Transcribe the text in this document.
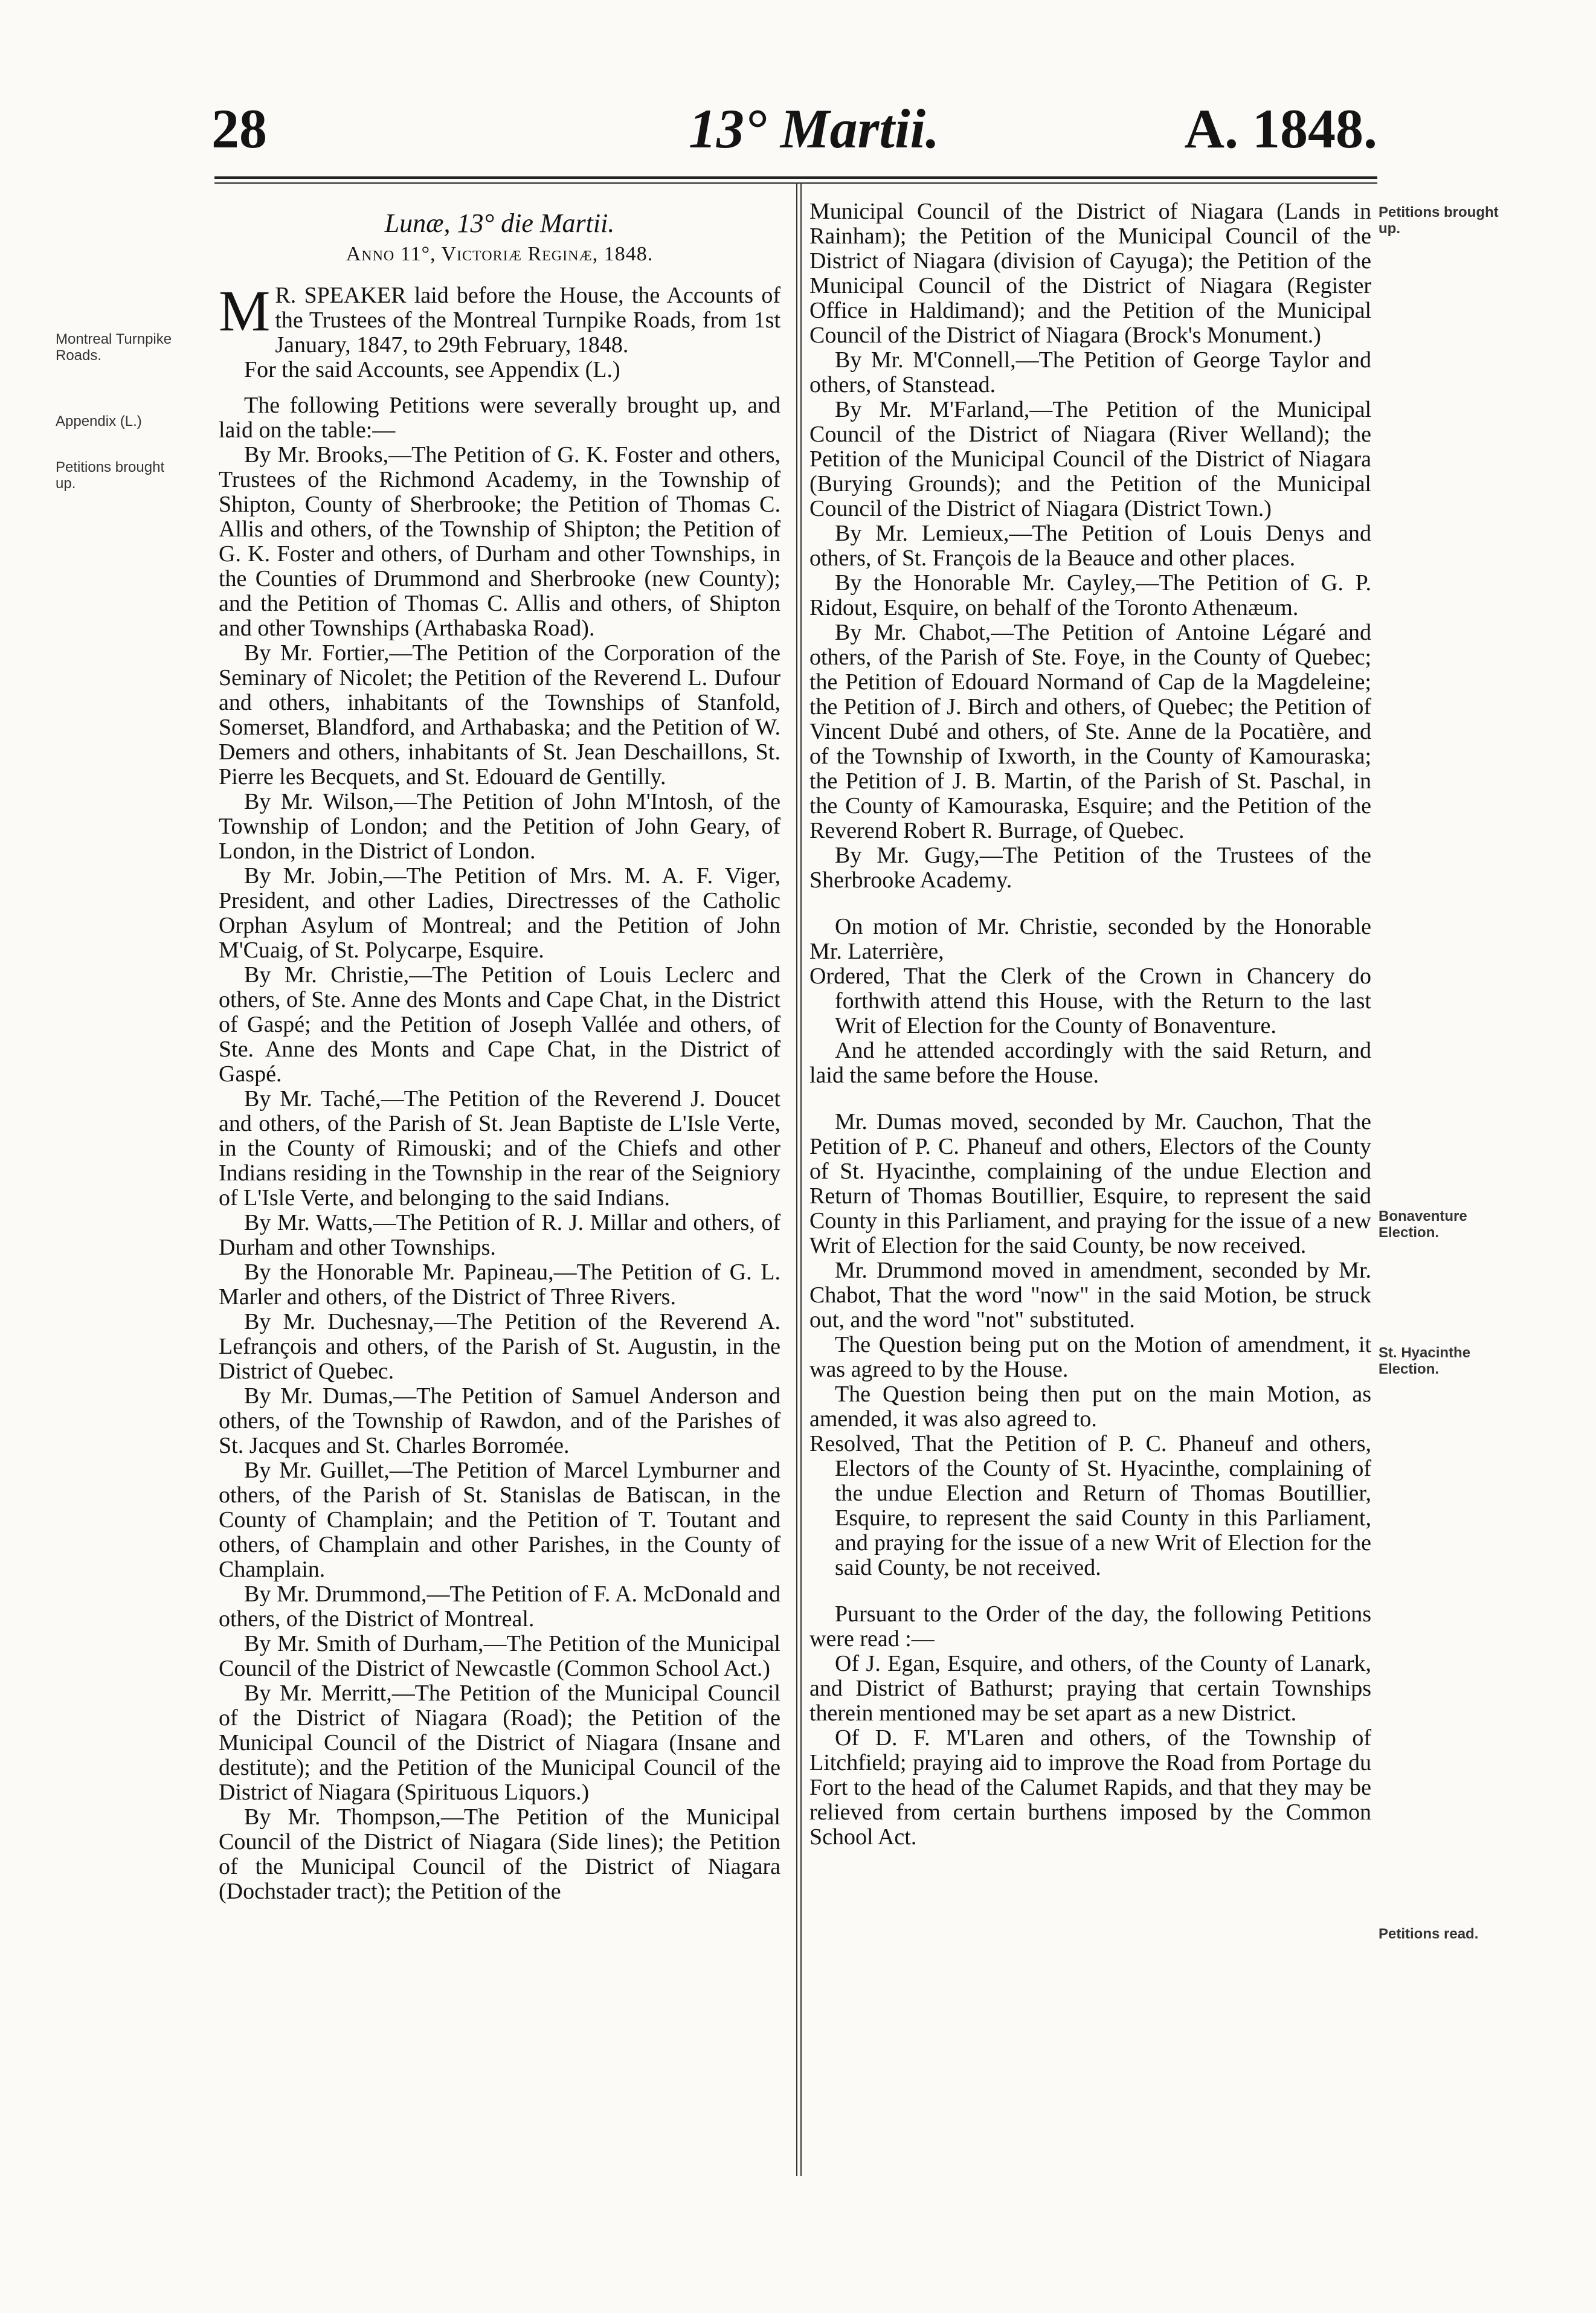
28	13° Martii.	A. 1848.
Montreal Turnpike Roads.
Appendix (L.)
Petitions brought up.
Petitions brought up.
Bonaventure Election.
St. Hyacinthe Election.
Petitions read.

Lunæ, 13° die Martii.

Anno 11°, Victoriæ Reginæ, 1848.

M R. SPEAKER laid before the House, the Accounts of the Trustees of the Montreal Turnpike Roads, from 1st January, 1847, to 29th February, 1848.

For the said Accounts, see Appendix (L.)

The following Petitions were severally brought up, and laid on the table:—

By Mr. Brooks,—The Petition of G. K. Foster and others, Trustees of the Richmond Academy, in the Township of Shipton, County of Sherbrooke; the Petition of Thomas C. Allis and others, of the Township of Shipton; the Petition of G. K. Foster and others, of Durham and other Townships, in the Counties of Drummond and Sherbrooke (new County); and the Petition of Thomas C. Allis and others, of Shipton and other Townships (Arthabaska Road).

By Mr. Fortier,—The Petition of the Corporation of the Seminary of Nicolet; the Petition of the Reverend L. Dufour and others, inhabitants of the Townships of Stanfold, Somerset, Blandford, and Arthabaska; and the Petition of W. Demers and others, inhabitants of St. Jean Deschaillons, St. Pierre les Becquets, and St. Edouard de Gentilly.

By Mr. Wilson,—The Petition of John M'Intosh, of the Township of London; and the Petition of John Geary, of London, in the District of London.

By Mr. Jobin,—The Petition of Mrs. M. A. F. Viger, President, and other Ladies, Directresses of the Catholic Orphan Asylum of Montreal; and the Petition of John M'Cuaig, of St. Polycarpe, Esquire.

By Mr. Christie,—The Petition of Louis Leclerc and others, of Ste. Anne des Monts and Cape Chat, in the District of Gaspé; and the Petition of Joseph Vallée and others, of Ste. Anne des Monts and Cape Chat, in the District of Gaspé.

By Mr. Taché,—The Petition of the Reverend J. Doucet and others, of the Parish of St. Jean Baptiste de L'Isle Verte, in the County of Rimouski; and of the Chiefs and other Indians residing in the Township in the rear of the Seigniory of L'Isle Verte, and belonging to the said Indians.

By Mr. Watts,—The Petition of R. J. Millar and others, of Durham and other Townships.

By the Honorable Mr. Papineau,—The Petition of G. L. Marler and others, of the District of Three Rivers.

By Mr. Duchesnay,—The Petition of the Reverend A. Lefrançois and others, of the Parish of St. Augustin, in the District of Quebec.

By Mr. Dumas,—The Petition of Samuel Anderson and others, of the Township of Rawdon, and of the Parishes of St. Jacques and St. Charles Borromée.

By Mr. Guillet,—The Petition of Marcel Lymburner and others, of the Parish of St. Stanislas de Batiscan, in the County of Champlain; and the Petition of T. Toutant and others, of Champlain and other Parishes, in the County of Champlain.

By Mr. Drummond,—The Petition of F. A. McDonald and others, of the District of Montreal.

By Mr. Smith of Durham,—The Petition of the Municipal Council of the District of Newcastle (Common School Act.)

By Mr. Merritt,—The Petition of the Municipal Council of the District of Niagara (Road); the Petition of the Municipal Council of the District of Niagara (Insane and destitute); and the Petition of the Municipal Council of the District of Niagara (Spirituous Liquors.)

By Mr. Thompson,—The Petition of the Municipal Council of the District of Niagara (Side lines); the Petition of the Municipal Council of the District of Niagara (Dochstader tract); the Petition of the

Municipal Council of the District of Niagara (Lands in Rainham); the Petition of the Municipal Council of the District of Niagara (division of Cayuga); the Petition of the Municipal Council of the District of Niagara (Register Office in Haldimand); and the Petition of the Municipal Council of the District of Niagara (Brock's Monument.)

By Mr. M'Connell,—The Petition of George Taylor and others, of Stanstead.

By Mr. M'Farland,—The Petition of the Municipal Council of the District of Niagara (River Welland); the Petition of the Municipal Council of the District of Niagara (Burying Grounds); and the Petition of the Municipal Council of the District of Niagara (District Town.)

By Mr. Lemieux,—The Petition of Louis Denys and others, of St. François de la Beauce and other places.

By the Honorable Mr. Cayley,—The Petition of G. P. Ridout, Esquire, on behalf of the Toronto Athenæum.

By Mr. Chabot,—The Petition of Antoine Légaré and others, of the Parish of Ste. Foye, in the County of Quebec; the Petition of Edouard Normand of Cap de la Magdeleine; the Petition of J. Birch and others, of Quebec; the Petition of Vincent Dubé and others, of Ste. Anne de la Pocatière, and of the Township of Ixworth, in the County of Kamouraska; the Petition of J. B. Martin, of the Parish of St. Paschal, in the County of Kamouraska, Esquire; and the Petition of the Reverend Robert R. Burrage, of Quebec.

By Mr. Gugy,—The Petition of the Trustees of the Sherbrooke Academy.

On motion of Mr. Christie, seconded by the Honorable Mr. Laterrière,

Ordered, That the Clerk of the Crown in Chancery do forthwith attend this House, with the Return to the last Writ of Election for the County of Bonaventure.

And he attended accordingly with the said Return, and laid the same before the House.

Mr. Dumas moved, seconded by Mr. Cauchon, That the Petition of P. C. Phaneuf and others, Electors of the County of St. Hyacinthe, complaining of the undue Election and Return of Thomas Boutillier, Esquire, to represent the said County in this Parliament, and praying for the issue of a new Writ of Election for the said County, be now received.

Mr. Drummond moved in amendment, seconded by Mr. Chabot, That the word "now" in the said Motion, be struck out, and the word "not" substituted.

The Question being put on the Motion of amendment, it was agreed to by the House.

The Question being then put on the main Motion, as amended, it was also agreed to.

Resolved, That the Petition of P. C. Phaneuf and others, Electors of the County of St. Hyacinthe, complaining of the undue Election and Return of Thomas Boutillier, Esquire, to represent the said County in this Parliament, and praying for the issue of a new Writ of Election for the said County, be not received.

Pursuant to the Order of the day, the following Petitions were read :—

Of J. Egan, Esquire, and others, of the County of Lanark, and District of Bathurst; praying that certain Townships therein mentioned may be set apart as a new District.

Of D. F. M'Laren and others, of the Township of Litchfield; praying aid to improve the Road from Portage du Fort to the head of the Calumet Rapids, and that they may be relieved from certain burthens imposed by the Common School Act.
